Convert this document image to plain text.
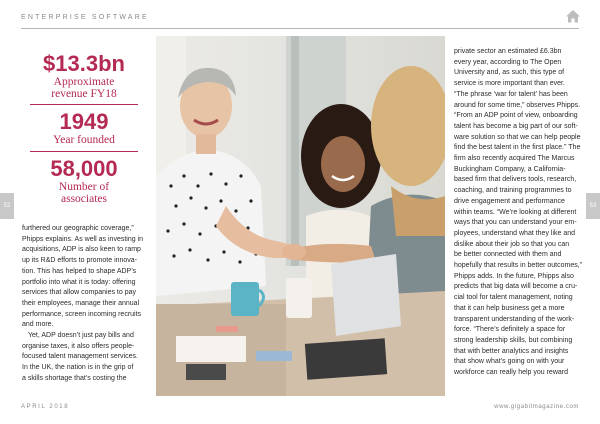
ENTERPRISE SOFTWARE
$13.3bn
Approximate
revenue FY18
1949
Year founded
58,000
Number of
associates
52	53

furthered our geographic coverage,”

Phipps explains. As well as investing in

acquisitions, ADP is also keen to ramp

up its R&D efforts to promote innova-

tion. This has helped to shape ADP’s

portfolio into what it is today: offering

services that allow companies to pay

their employees, manage their annual

performance, screen incoming recruits

and more.

Yet, ADP doesn’t just pay bills and

organise taxes, it also offers people-

focused talent management services.

In the UK, the nation is in the grip of

a skills shortage that’s costing the

private sector an estimated £6.3bn

every year, according to The Open

University and, as such, this type of

service is more important than ever.

“The phrase ‘war for talent’ has been

around for some time,” observes Phipps.

“From an ADP point of view, onboarding

talent has become a big part of our soft-

ware solution so that we can help people

find the best talent in the first place.” The

firm also recently acquired The Marcus

Buckingham Company, a California-

based firm that delivers tools, research,

coaching, and training programmes to

drive engagement and performance

within teams. “We’re looking at different

ways that you can understand your em-

ployees, understand what they like and

dislike about their job so that you can

be better connected with them and

hopefully that results in better outcomes,”

Phipps adds. In the future, Phipps also

predicts that big data will become a cru-

cial tool for talent management, noting

that it can help business get a more

transparent understanding of the work-

force. “There’s definitely a space for

strong leadership skills, but combining

that with better analytics and insights

that show what’s going on with your

workforce can really help you reward

APRIL 2018	www.gigabitmagazine.com
